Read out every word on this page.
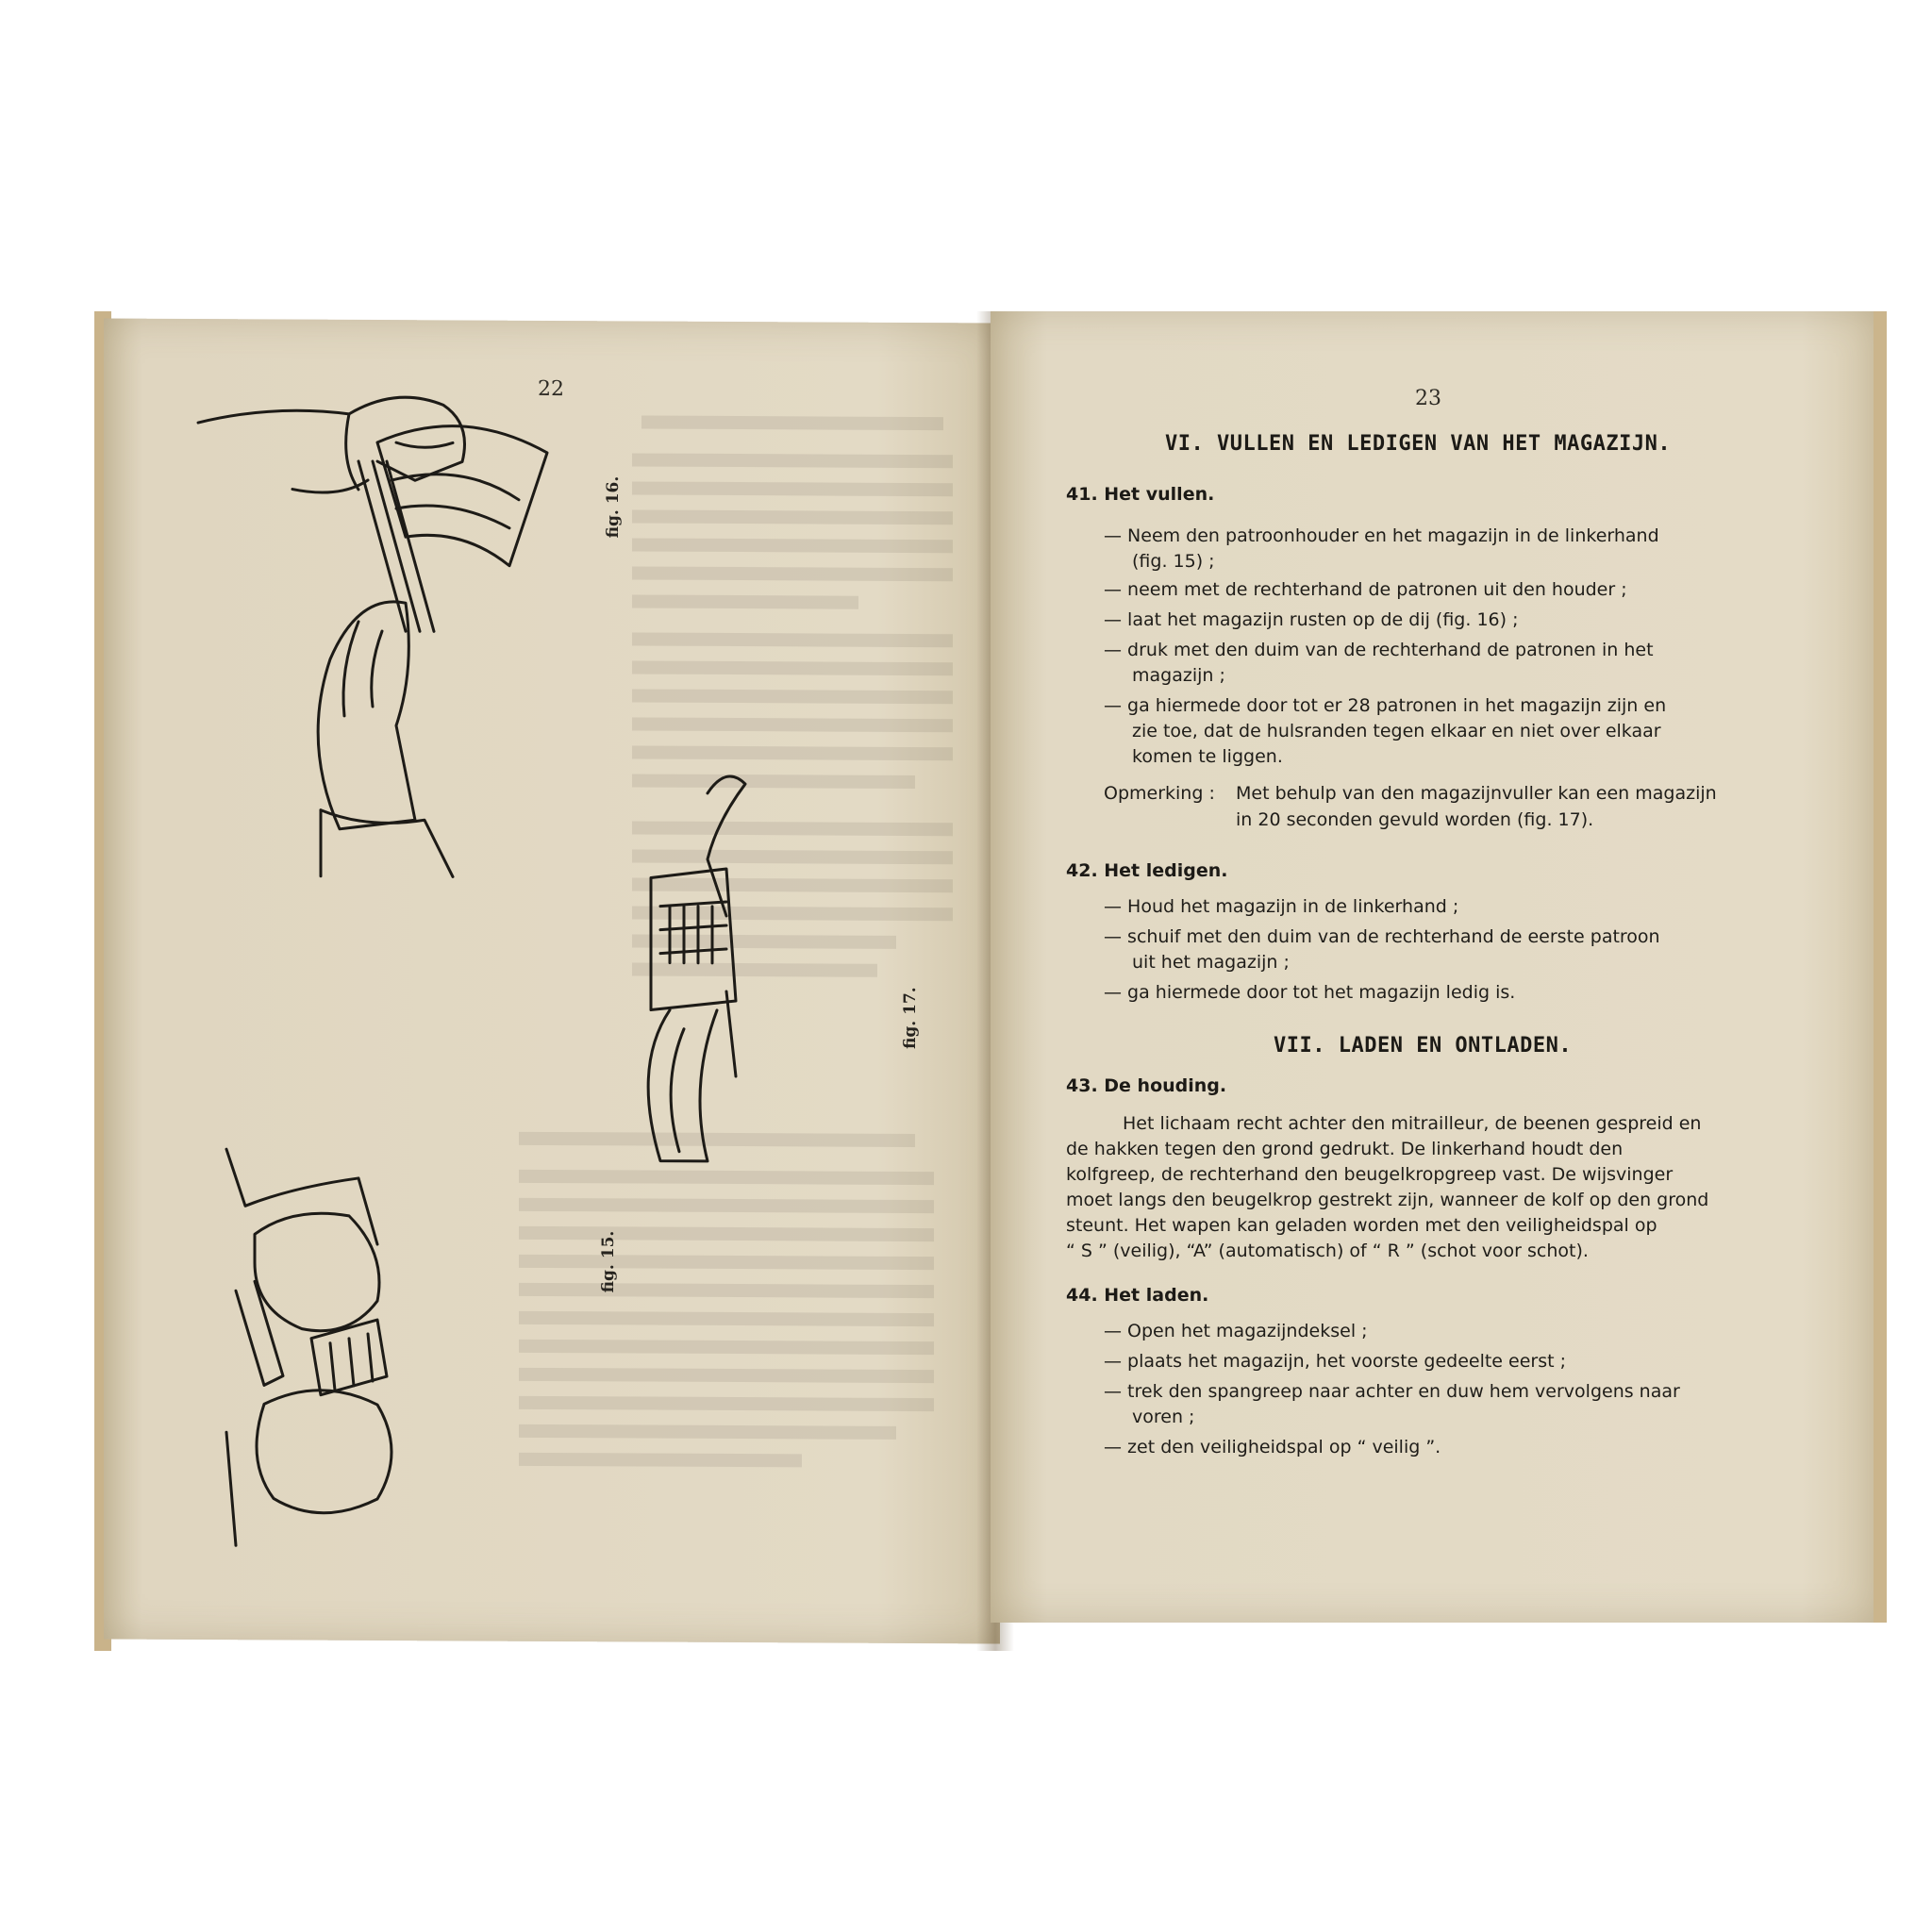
22
fig. 16.
fig. 15.
fig. 17.
23
VI. VULLEN EN LEDIGEN VAN HET MAGAZIJN.
41. Het vullen.
— Neem den patroonhouder en het magazijn in de linkerhand
(fig. 15) ;
— neem met de rechterhand de patronen uit den houder ;
— laat het magazijn rusten op de dij (fig. 16) ;
— druk met den duim van de rechterhand de patronen in het
magazijn ;
— ga hiermede door tot er 28 patronen in het magazijn zijn en
zie toe, dat de hulsranden tegen elkaar en niet over elkaar
komen te liggen.
Opmerking : Met behulp van den magazijnvuller kan een magazijn
in 20 seconden gevuld worden (fig. 17).
42. Het ledigen.
— Houd het magazijn in de linkerhand ;
— schuif met den duim van de rechterhand de eerste patroon
uit het magazijn ;
— ga hiermede door tot het magazijn ledig is.
VII. LADEN EN ONTLADEN.
43. De houding.
Het lichaam recht achter den mitrailleur, de beenen gespreid en
de hakken tegen den grond gedrukt. De linkerhand houdt den
kolfgreep, de rechterhand den beugelkropgreep vast. De wijsvinger
moet langs den beugelkrop gestrekt zijn, wanneer de kolf op den grond
steunt. Het wapen kan geladen worden met den veiligheidspal op
“ S ” (veilig), “A” (automatisch) of “ R ” (schot voor schot).
44. Het laden.
— Open het magazijndeksel ;
— plaats het magazijn, het voorste gedeelte eerst ;
— trek den spangreep naar achter en duw hem vervolgens naar
voren ;
— zet den veiligheidspal op “ veilig ”.
